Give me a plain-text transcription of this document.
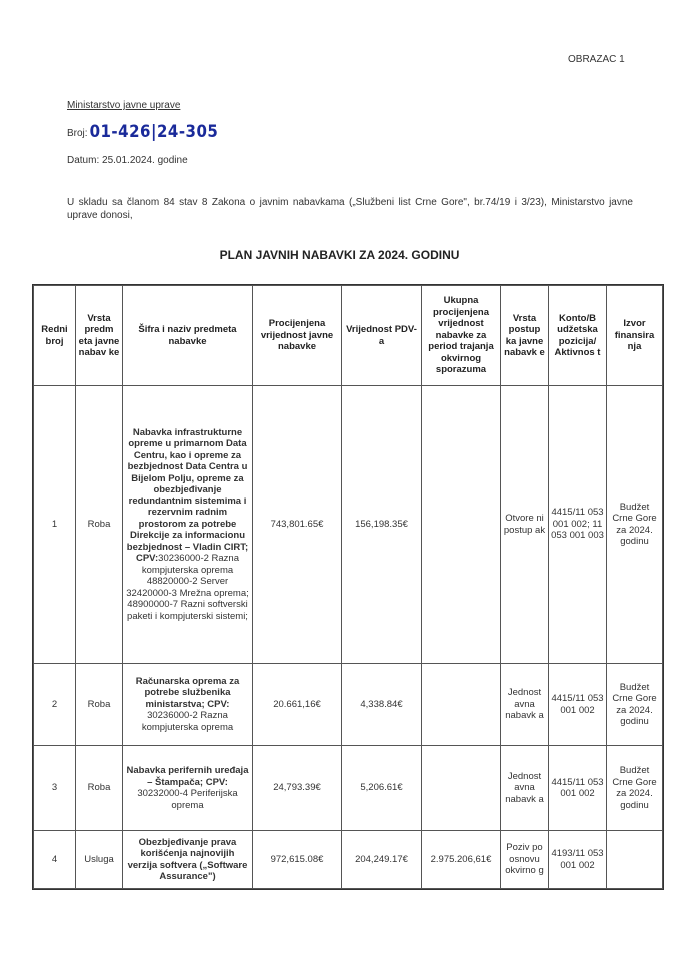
OBRAZAC 1
Ministarstvo javne uprave
Broj: 01-426|24-305
Datum: 25.01.2024. godine
U skladu sa članom 84 stav 8 Zakona o javnim nabavkama („Službeni list Crne Gore", br.74/19 i 3/23), Ministarstvo javne uprave donosi,
PLAN JAVNIH NABAVKI ZA 2024. GODINU
Redni broj	Vrsta predm eta javne nabav ke	Šifra i naziv predmeta nabavke	Procijenjena vrijednost javne nabavke	Vrijednost PDV-a	Ukupna procijenjena vrijednost nabavke za period trajanja okvirnog sporazuma	Vrsta postup ka javne nabavk e	Konto/B udžetska pozicija/ Aktivnos t	Izvor finansira nja
1	Roba	Nabavka infrastrukturne opreme u primarnom Data Centru, kao i opreme za bezbjednost Data Centra u Bijelom Polju, opreme za obezbjeđivanje redundantnim sistemima i rezervnim radnim prostorom za potrebe Direkcije za informacionu bezbjednost – Vladin CIRT; CPV:30236000-2 Razna kompjuterska oprema 48820000-2 Server 32420000-3 Mrežna oprema; 48900000-7 Razni softverski paketi i kompjuterski sistemi;	743,801.65€	156,198.35€		Otvore ni postup ak	4415/11 053 001 002; 11 053 001 003	Budžet Crne Gore za 2024. godinu
2	Roba	Računarska oprema za potrebe službenika ministarstva; CPV: 30236000-2 Razna kompjuterska oprema	20.661,16€	4,338.84€		Jednost avna nabavk a	4415/11 053 001 002	Budžet Crne Gore za 2024. godinu
3	Roba	Nabavka perifernih uređaja – Štampača; CPV: 30232000-4 Periferijska oprema	24,793.39€	5,206.61€		Jednost avna nabavk a	4415/11 053 001 002	Budžet Crne Gore za 2024. godinu
4	Usluga	Obezbjeđivanje prava korišćenja najnovijih verzija softvera („Software Assurance")	972,615.08€	204,249.17€	2.975.206,61€	Poziv po osnovu okvirno g	4193/11 053 001 002	
